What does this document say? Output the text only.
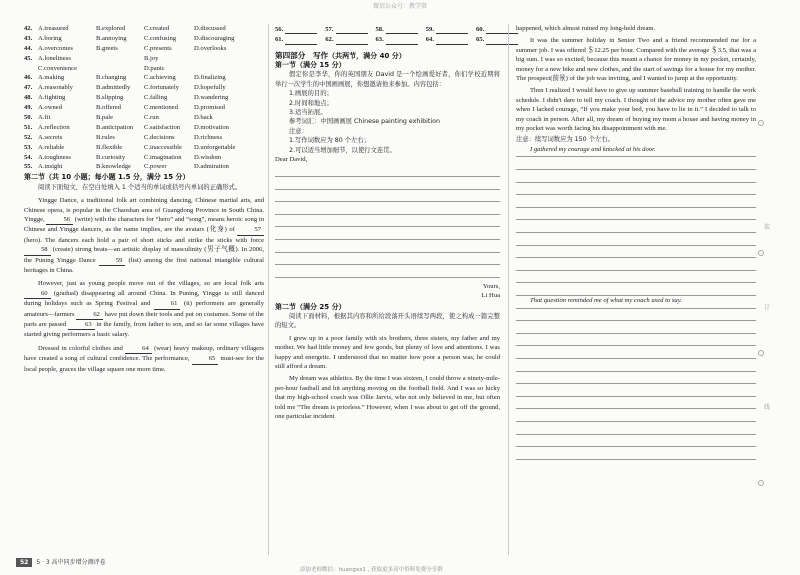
微信公众号：教学资
42. A.treasured	B.explored	C.created	D.discussed
43. A.boring	B.annoying	C.confusing	D.discouraging
44. A.overcomes	B.greets	C.presents	D.overlooks
45. A.loneliness	B.joy
C.convenience	D.panic
46. A.making	B.changing	C.achieving	D.finalizing
47. A.reasonably	B.admittedly	C.fortunately	D.hopefully
48. A.fighting	B.slipping	C.falling	D.wandering
49. A.owned	B.offered	C.mentioned	D.promised
50. A.fit	B.pale	C.run	D.back
51. A.reflection	B.anticipation	C.satisfaction	D.motivation
52. A.secrets	B.rules	C.decisions	D.richness
53. A.reliable	B.flexible	C.inaccessible	D.unforgettable
54. A.toughness	B.curiosity	C.imagination	D.wisdom
55. A.insight	B.knowledge	C.power	D.admiration
第二节（共 10 小题；每小题 1.5 分，满分 15 分）

阅读下面短文，在空白处填入 1 个适当的单词或括号内单词的正确形式。

Yingge Dance, a traditional folk art combining dancing, Chinese martial arts, and Chinese opera, is popular in the Chaoshan area of Guangdong Province in South China. Yingge,	56 (write) with the characters for “hero” and “song”, means heroic song in Chinese and Yingge dancers, as the name implies, are the avatars (化身) of	57 (hero). The dancers each hold a pair of short sticks and strike the sticks with force 58 (create) strong beats—an artistic display of masculinity (男子气概). In 2006, the Puning Yingge Dance	59 (list) among the first national intangible cultural heritages in China.

However, just as young people move out of the villages, so are local folk arts 60 (gradual) disappearing all around China. In Puning, Yingge is still danced during holidays such as Spring Festival and	61 (it) performers are generally amateurs—farmers	62 have put down their tools and put on costumes. Some of the parts are passed	63 in the family, from father to son, and so far some villages have started giving performers a basic salary.

Dressed in colorful clothes and	64 (wear) heavy makeup, ordinary villagers have created a song of cultural confidence. The performance,	65 must-see for the local people, graces the village square one more time.

56.	57.	58.	59.	60.
61.	62.	63.	64.	65.
第四部分　写作（共两节，满分 40 分）
第一节（满分 15 分）

假定你是李华，你的英国朋友 David 是一个绘画爱好者，你们学校近期将举行一次学生的中国画画展，你想邀请他来参加。内容包括：

1.画展的目的；
2.时间和地点；
3.适当拓展。
参考词汇：中国画画展 Chinese painting exhibition
注意：
1.写作词数应为 80 个左右；
2.可以适当增加细节，以使行文连贯。
Dear David,
Yours,
Li Hua
第二节（满分 25 分）

阅读下面材料，根据其内容和所给段落开头语续写两段，使之构成一篇完整的短文。

I grew up in a poor family with six brothers, three sisters, my father and my mother. We had little money and few goods, but plenty of love and attentions. I was happy and energetic. I understood that no matter how poor a person was, he could still afford a dream.

My dream was athletics. By the time I was sixteen, I could throw a ninety-mile-per-hour fastball and hit anything moving on the football field. And I was so lucky that my high-school coach was Ollie Jarvis, who not only believed in me, but often told me “The dream is priceless.” However, when I was about to get off the ground, one particular incident

happened, which almost ruined my long-held dream.

It was the summer holiday in Senior Two and a friend recommended me for a summer job. I was offered ＄12.25 per hour. Compared with the average ＄3.5, that was a big sum. I was so excited, because this meant a chance for money in my pocket, certainly, money for a new bike and new clothes, and the start of savings for a house for my mother. The prospect(前景) of the job was inviting, and I wanted to jump at the opportunity.

Then I realized I would have to give up summer baseball training to handle the work schedule. I didn't dare to tell my coach. I thought of the advice my mother often gave me when I lacked courage, “If you make your bed, you have to lie in it.” I decided to talk to my coach in person. After all, my dream of buying my mom a house and having money in my pocket was worth facing his disappointment with me.

注意：续写词数应为 150 个左右。
I gathered my courage and knocked at his door.
That question reminded me of what my coach used to say.
装
订
线
52 5 · 3 高中同步增分测评卷
添加老师微信：huangxx1 , 获取更多高中资料免费分享群
